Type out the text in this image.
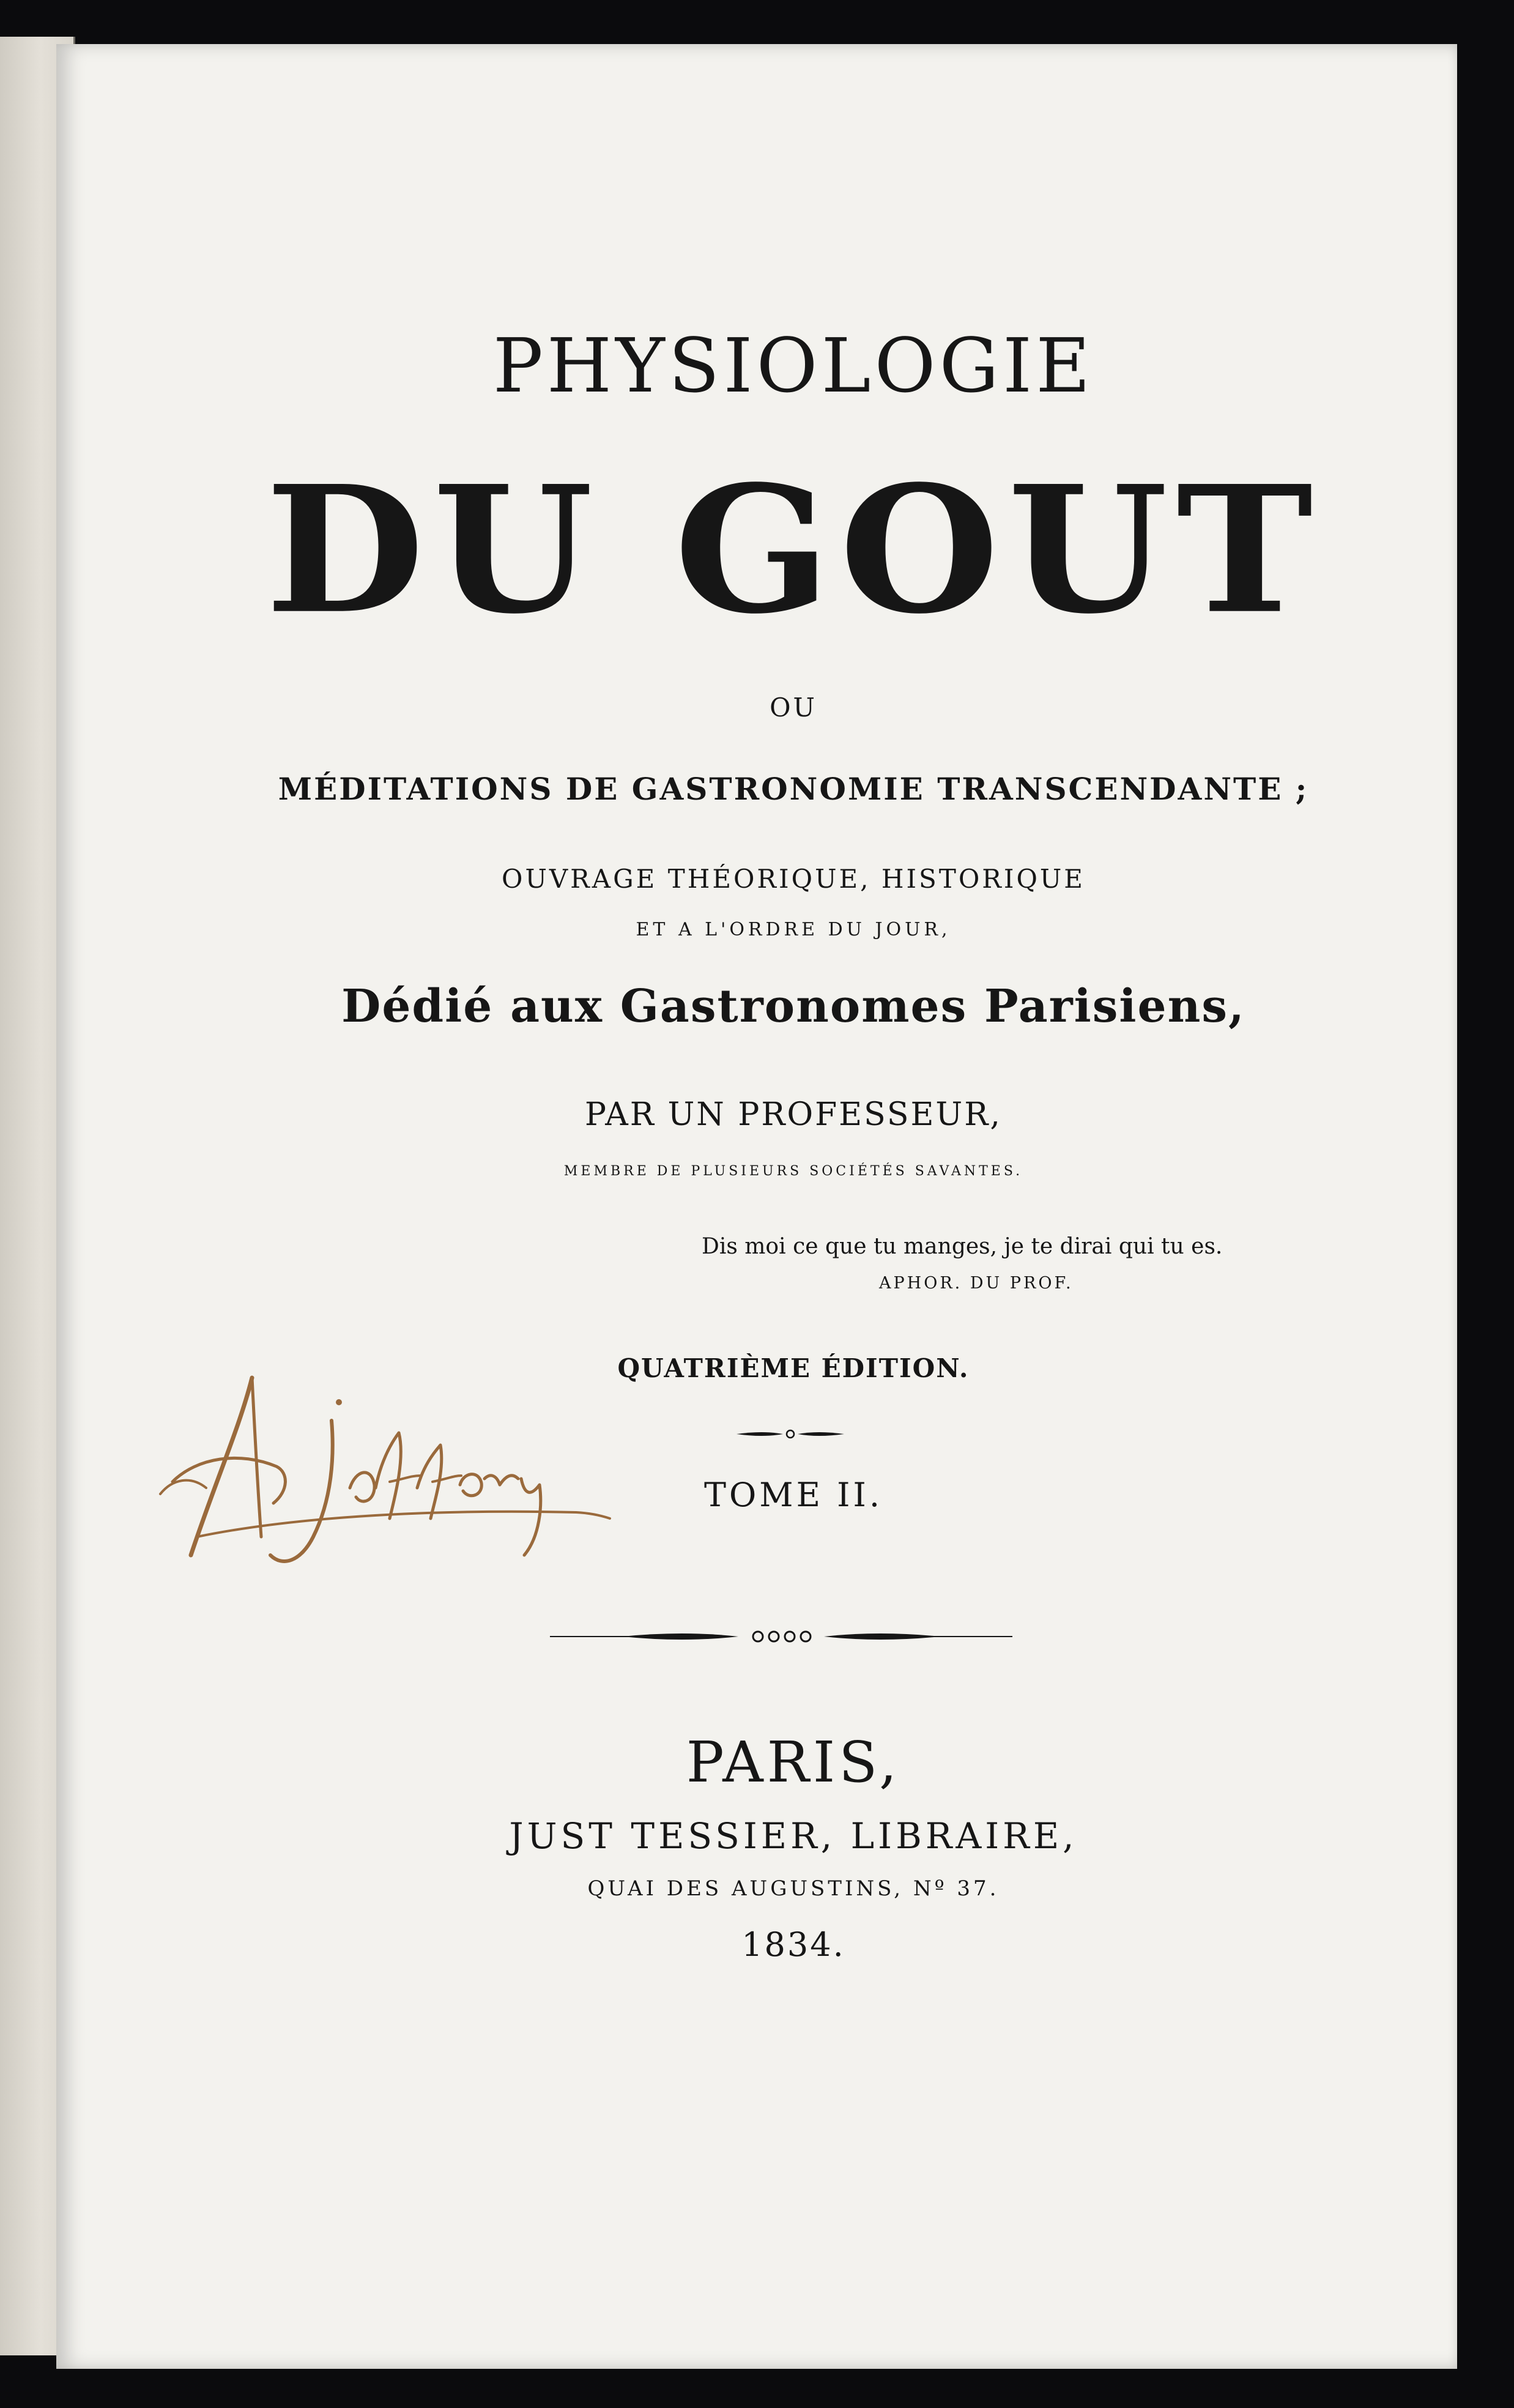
PHYSIOLOGIE
DU GOUT
OU
MÉDITATIONS DE GASTRONOMIE TRANSCENDANTE ;
OUVRAGE THÉORIQUE, HISTORIQUE
ET A L'ORDRE DU JOUR,
Dédié aux Gastronomes Parisiens,
PAR UN PROFESSEUR,
MEMBRE DE PLUSIEURS SOCIÉTÉS SAVANTES.
Dis moi ce que tu manges, je te dirai qui tu es.
APHOR. DU PROF.
QUATRIÈME ÉDITION.
TOME II.
PARIS,
JUST TESSIER, LIBRAIRE,
QUAI DES AUGUSTINS, Nº 37.
1834.
